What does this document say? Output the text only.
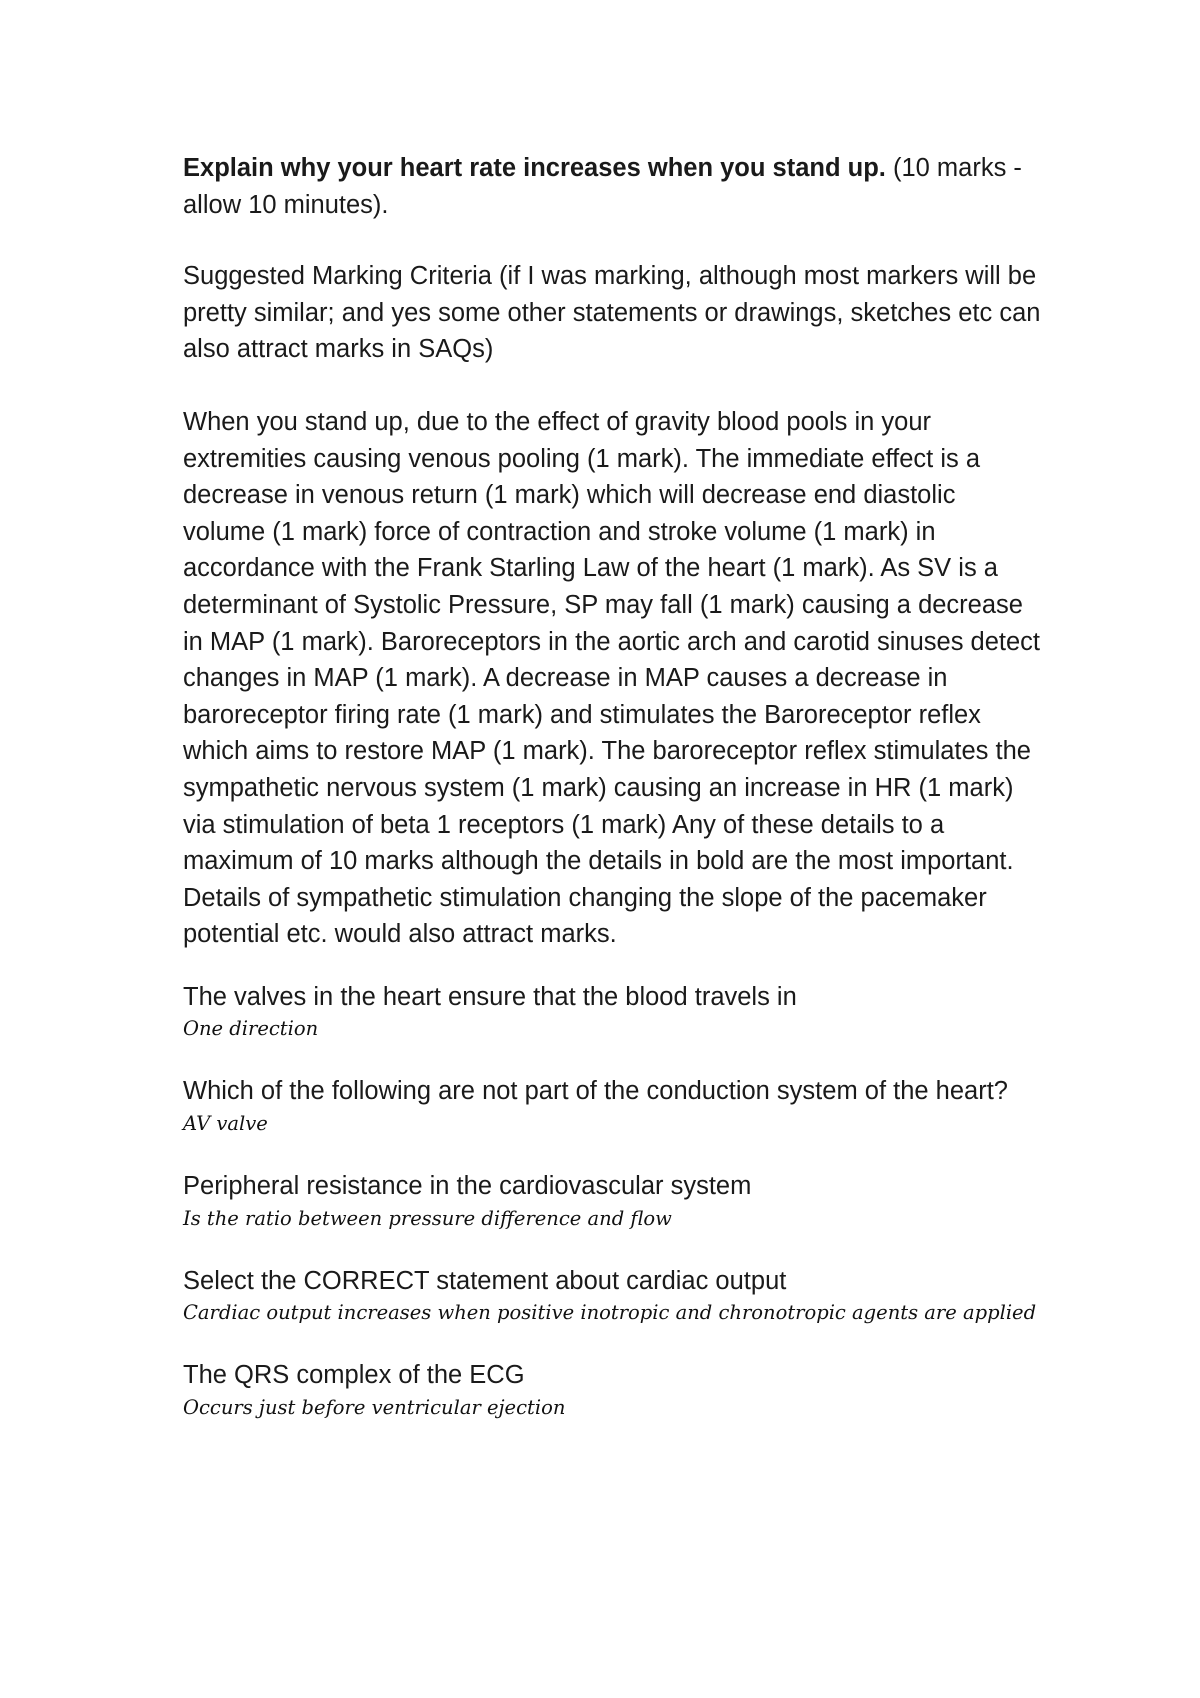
Explain why your heart rate increases when you stand up. (10 marks - allow 10 minutes).

Suggested Marking Criteria (if I was marking, although most markers will be pretty similar; and yes some other statements or drawings, sketches etc can also attract marks in SAQs)

When you stand up, due to the effect of gravity blood pools in your extremities causing venous pooling (1 mark). The immediate effect is a decrease in venous return (1 mark) which will decrease end diastolic volume (1 mark) force of contraction and stroke volume (1 mark) in accordance with the Frank Starling Law of the heart (1 mark). As SV is a determinant of Systolic Pressure, SP may fall (1 mark) causing a decrease in MAP (1 mark). Baroreceptors in the aortic arch and carotid sinuses detect changes in MAP (1 mark). A decrease in MAP causes a decrease in baroreceptor firing rate (1 mark) and stimulates the Baroreceptor reflex which aims to restore MAP (1 mark). The baroreceptor reflex stimulates the sympathetic nervous system (1 mark) causing an increase in HR (1 mark) via stimulation of beta 1 receptors (1 mark) Any of these details to a maximum of 10 marks although the details in bold are the most important. Details of sympathetic stimulation changing the slope of the pacemaker potential etc. would also attract marks.

The valves in the heart ensure that the blood travels in

One direction

Which of the following are not part of the conduction system of the heart?

AV valve

Peripheral resistance in the cardiovascular system

Is the ratio between pressure difference and flow

Select the CORRECT statement about cardiac output

Cardiac output increases when positive inotropic and chronotropic agents are applied

The QRS complex of the ECG

Occurs just before ventricular ejection
